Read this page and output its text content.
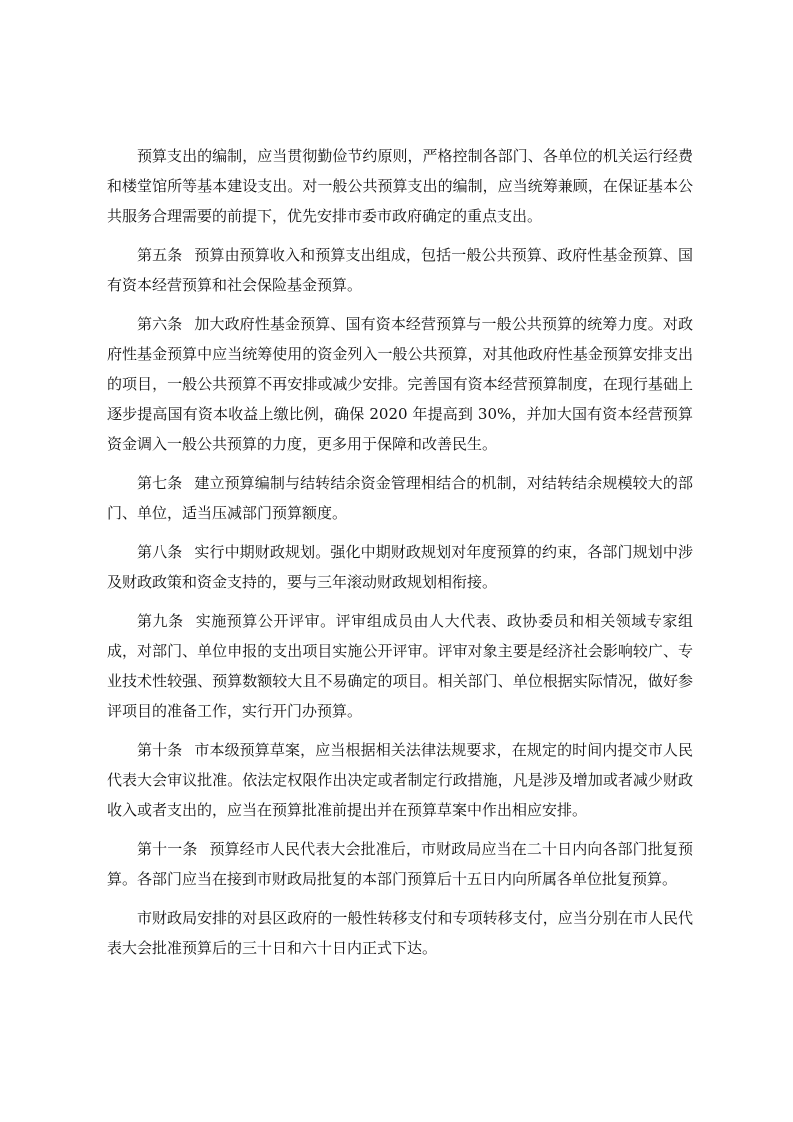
预算支出的编制，应当贯彻勤俭节约原则，严格控制各部门、各单位的机关运行经费和楼堂馆所等基本建设支出。对一般公共预算支出的编制，应当统筹兼顾，在保证基本公共服务合理需要的前提下，优先安排市委市政府确定的重点支出。

第五条 预算由预算收入和预算支出组成，包括一般公共预算、政府性基金预算、国有资本经营预算和社会保险基金预算。

第六条 加大政府性基金预算、国有资本经营预算与一般公共预算的统筹力度。对政府性基金预算中应当统筹使用的资金列入一般公共预算，对其他政府性基金预算安排支出的项目，一般公共预算不再安排或减少安排。完善国有资本经营预算制度，在现行基础上逐步提高国有资本收益上缴比例，确保 2020 年提高到 30%，并加大国有资本经营预算资金调入一般公共预算的力度，更多用于保障和改善民生。

第七条 建立预算编制与结转结余资金管理相结合的机制，对结转结余规模较大的部门、单位，适当压减部门预算额度。

第八条 实行中期财政规划。强化中期财政规划对年度预算的约束，各部门规划中涉及财政政策和资金支持的，要与三年滚动财政规划相衔接。

第九条 实施预算公开评审。评审组成员由人大代表、政协委员和相关领域专家组成，对部门、单位申报的支出项目实施公开评审。评审对象主要是经济社会影响较广、专业技术性较强、预算数额较大且不易确定的项目。相关部门、单位根据实际情况，做好参评项目的准备工作，实行开门办预算。

第十条 市本级预算草案，应当根据相关法律法规要求，在规定的时间内提交市人民代表大会审议批准。依法定权限作出决定或者制定行政措施，凡是涉及增加或者减少财政收入或者支出的，应当在预算批准前提出并在预算草案中作出相应安排。

第十一条 预算经市人民代表大会批准后，市财政局应当在二十日内向各部门批复预算。各部门应当在接到市财政局批复的本部门预算后十五日内向所属各单位批复预算。

市财政局安排的对县区政府的一般性转移支付和专项转移支付，应当分别在市人民代表大会批准预算后的三十日和六十日内正式下达。
